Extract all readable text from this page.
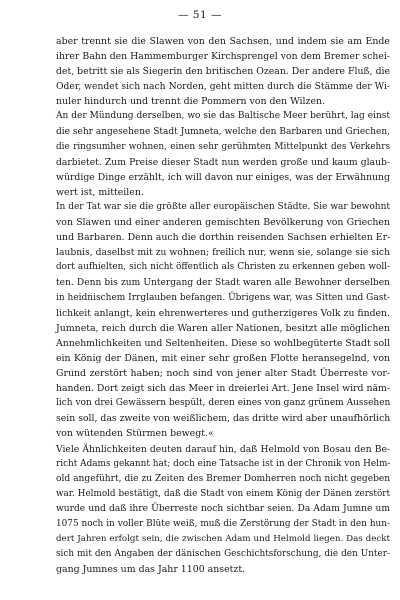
— 51 —
aber trennt sie die Slawen von den Sachsen, und indem sie am Ende
ihrer Bahn den Hammemburger Kirchsprengel von dem Bremer schei-
det, betritt sie als Siegerin den britischen Ozean. Der andere Fluß, die
Oder, wendet sich nach Norden, geht mitten durch die Stämme der Wi-
nuler hindurch und trennt die Pommern von den Wilzen.
An der Mündung derselben, wo sie das Baltische Meer berührt, lag einst
die sehr angesehene Stadt Jumneta, welche den Barbaren und Griechen,
die ringsumher wohnen, einen sehr gerühmten Mittelpunkt des Verkehrs
darbietet. Zum Preise dieser Stadt nun werden große und kaum glaub-
würdige Dinge erzählt, ich will davon nur einiges, was der Erwähnung
wert ist, mitteilen.
In der Tat war sie die größte aller europäischen Städte. Sie war bewohnt
von Slawen und einer anderen gemischten Bevölkerung von Griechen
und Barbaren. Denn auch die dorthin reisenden Sachsen erhielten Er-
laubnis, daselbst mit zu wohnen; freilich nur, wenn sie, solange sie sich
dort aufhielten, sich nicht öffentlich als Christen zu erkennen geben woll-
ten. Denn bis zum Untergang der Stadt waren alle Bewohner derselben
in heidnischem Irrglauben befangen. Übrigens war, was Sitten und Gast-
lichkeit anlangt, kein ehrenwerteres und gutherzigeres Volk zu finden.
Jumneta, reich durch die Waren aller Nationen, besitzt alle möglichen
Annehmlichkeiten und Seltenheiten. Diese so wohlbegüterte Stadt soll
ein König der Dänen, mit einer sehr großen Flotte heransegelnd, von
Grund zerstört haben; noch sind von jener alter Stadt Überreste vor-
handen. Dort zeigt sich das Meer in dreierlei Art. Jene Insel wird näm-
lich von drei Gewässern bespült, deren eines von ganz grünem Aussehen
sein soll, das zweite von weißlichem, das dritte wird aber unaufhörlich
von wütenden Stürmen bewegt.«
Viele Ähnlichkeiten deuten darauf hin, daß Helmold von Bosau den Be-
richt Adams gekannt hat; doch eine Tatsache ist in der Chronik von Helm-
old angeführt, die zu Zeiten des Bremer Domherren noch nicht gegeben
war. Helmold bestätigt, daß die Stadt von einem König der Dänen zerstört
wurde und daß ihre Überreste noch sichtbar seien. Da Adam Jumne um
1075 noch in voller Blüte weiß, muß die Zerstörung der Stadt in den hun-
dert Jahren erfolgt sein, die zwischen Adam und Helmold liegen. Das deckt
sich mit den Angaben der dänischen Geschichtsforschung, die den Unter-
gang Jumnes um das Jahr 1100 ansetzt.
